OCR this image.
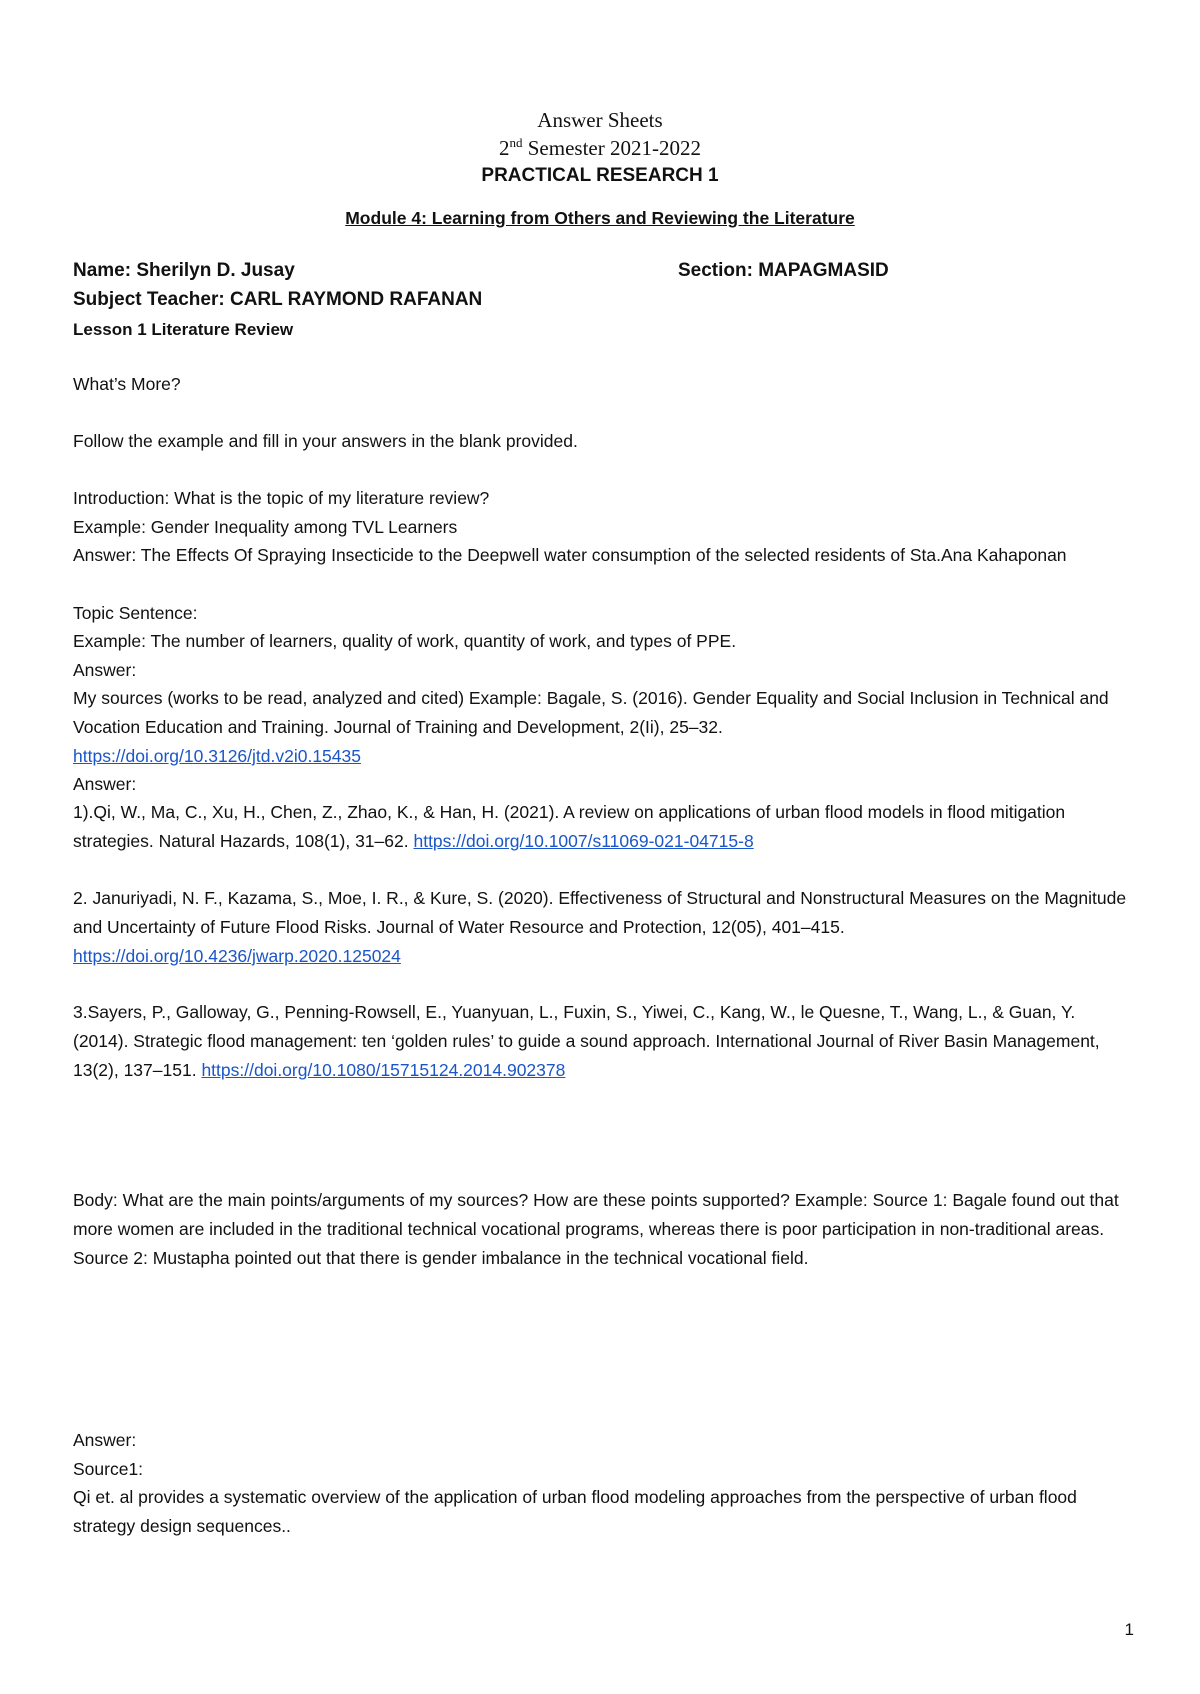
Answer Sheets
2nd Semester 2021-2022
PRACTICAL RESEARCH 1
Module 4: Learning from Others and Reviewing the Literature
Name: Sherilyn D. Jusay	Section: MAPAGMASID
Subject Teacher: CARL RAYMOND RAFANAN
Lesson 1 Literature Review
What’s More?
Follow the example and fill in your answers in the blank provided.
Introduction: What is the topic of my literature review?
Example: Gender Inequality among TVL Learners
Answer: The Effects Of Spraying Insecticide to the Deepwell water consumption of the selected residents of Sta.Ana Kahaponan
Topic Sentence:
Example: The number of learners, quality of work, quantity of work, and types of PPE.
Answer:
My sources (works to be read, analyzed and cited) Example: Bagale, S. (2016). Gender Equality and Social Inclusion in Technical and Vocation Education and Training. Journal of Training and Development, 2(Ii), 25–32.
https://doi.org/10.3126/jtd.v2i0.15435
Answer:
1).Qi, W., Ma, C., Xu, H., Chen, Z., Zhao, K., & Han, H. (2021). A review on applications of urban flood models in flood mitigation strategies. Natural Hazards, 108(1), 31–62. https://doi.org/10.1007/s11069-021-04715-8
2. Januriyadi, N. F., Kazama, S., Moe, I. R., & Kure, S. (2020). Effectiveness of Structural and Nonstructural Measures on the Magnitude and Uncertainty of Future Flood Risks. Journal of Water Resource and Protection, 12(05), 401–415. https://doi.org/10.4236/jwarp.2020.125024
3.Sayers, P., Galloway, G., Penning-Rowsell, E., Yuanyuan, L., Fuxin, S., Yiwei, C., Kang, W., le Quesne, T., Wang, L., & Guan, Y. (2014). Strategic flood management: ten ‘golden rules’ to guide a sound approach. International Journal of River Basin Management, 13(2), 137–151. https://doi.org/10.1080/15715124.2014.902378
Body: What are the main points/arguments of my sources? How are these points supported? Example: Source 1: Bagale found out that more women are included in the traditional technical vocational programs, whereas there is poor participation in non-traditional areas. Source 2: Mustapha pointed out that there is gender imbalance in the technical vocational field.
Answer:
Source1:
Qi et. al provides a systematic overview of the application of urban flood modeling approaches from the perspective of urban flood strategy design sequences..
1
